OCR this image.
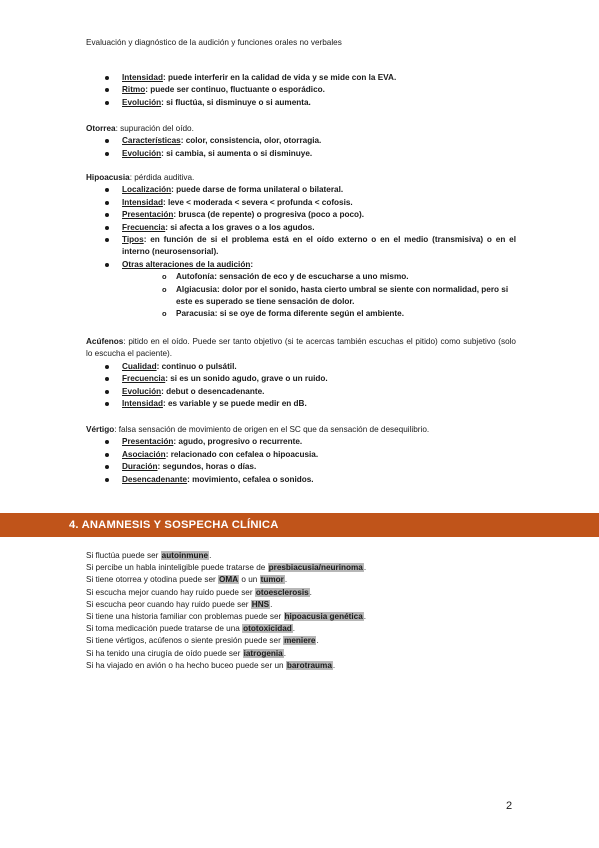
Evaluación y diagnóstico de la audición y funciones orales no verbales
Intensidad: puede interferir en la calidad de vida y se mide con la EVA.
Ritmo: puede ser continuo, fluctuante o esporádico.
Evolución: si fluctúa, si disminuye o si aumenta.

Otorrea: supuración del oído.

Características: color, consistencia, olor, otorragia.
Evolución: si cambia, si aumenta o si disminuye.

Hipoacusia: pérdida auditiva.

Localización: puede darse de forma unilateral o bilateral.
Intensidad: leve < moderada < severa < profunda < cofosis.
Presentación: brusca (de repente) o progresiva (poco a poco).
Frecuencia: si afecta a los graves o a los agudos.
Tipos: en función de si el problema está en el oído externo o en el medio (transmisiva) o en el interno (neurosensorial).
Otras alteraciones de la audición:
o Autofonía: sensación de eco y de escucharse a uno mismo.
o Algiacusia: dolor por el sonido, hasta cierto umbral se siente con normalidad, pero si este es superado se tiene sensación de dolor.
o Paracusia: si se oye de forma diferente según el ambiente.

Acúfenos: pitido en el oído. Puede ser tanto objetivo (si te acercas también escuchas el pitido) como subjetivo (solo lo escucha el paciente).

Cualidad: continuo o pulsátil.
Frecuencia: si es un sonido agudo, grave o un ruido.
Evolución: debut o desencadenante.
Intensidad: es variable y se puede medir en dB.

Vértigo: falsa sensación de movimiento de origen en el SC que da sensación de desequilibrio.

Presentación: agudo, progresivo o recurrente.
Asociación: relacionado con cefalea o hipoacusia.
Duración: segundos, horas o días.
Desencadenante: movimiento, cefalea o sonidos.
4. ANAMNESIS Y SOSPECHA CLÍNICA
Si fluctúa puede ser autoinmune.
Si percibe un habla ininteligible puede tratarse de presbiacusia/neurinoma.
Si tiene otorrea y otodina puede ser OMA o un tumor.
Si escucha mejor cuando hay ruido puede ser otoesclerosis.
Si escucha peor cuando hay ruido puede ser HNS.
Si tiene una historia familiar con problemas puede ser hipoacusia genética.
Si toma medicación puede tratarse de una ototoxicidad.
Si tiene vértigos, acúfenos o siente presión puede ser meniere.
Si ha tenido una cirugía de oído puede ser iatrogenia.
Si ha viajado en avión o ha hecho buceo puede ser un barotrauma.
2
